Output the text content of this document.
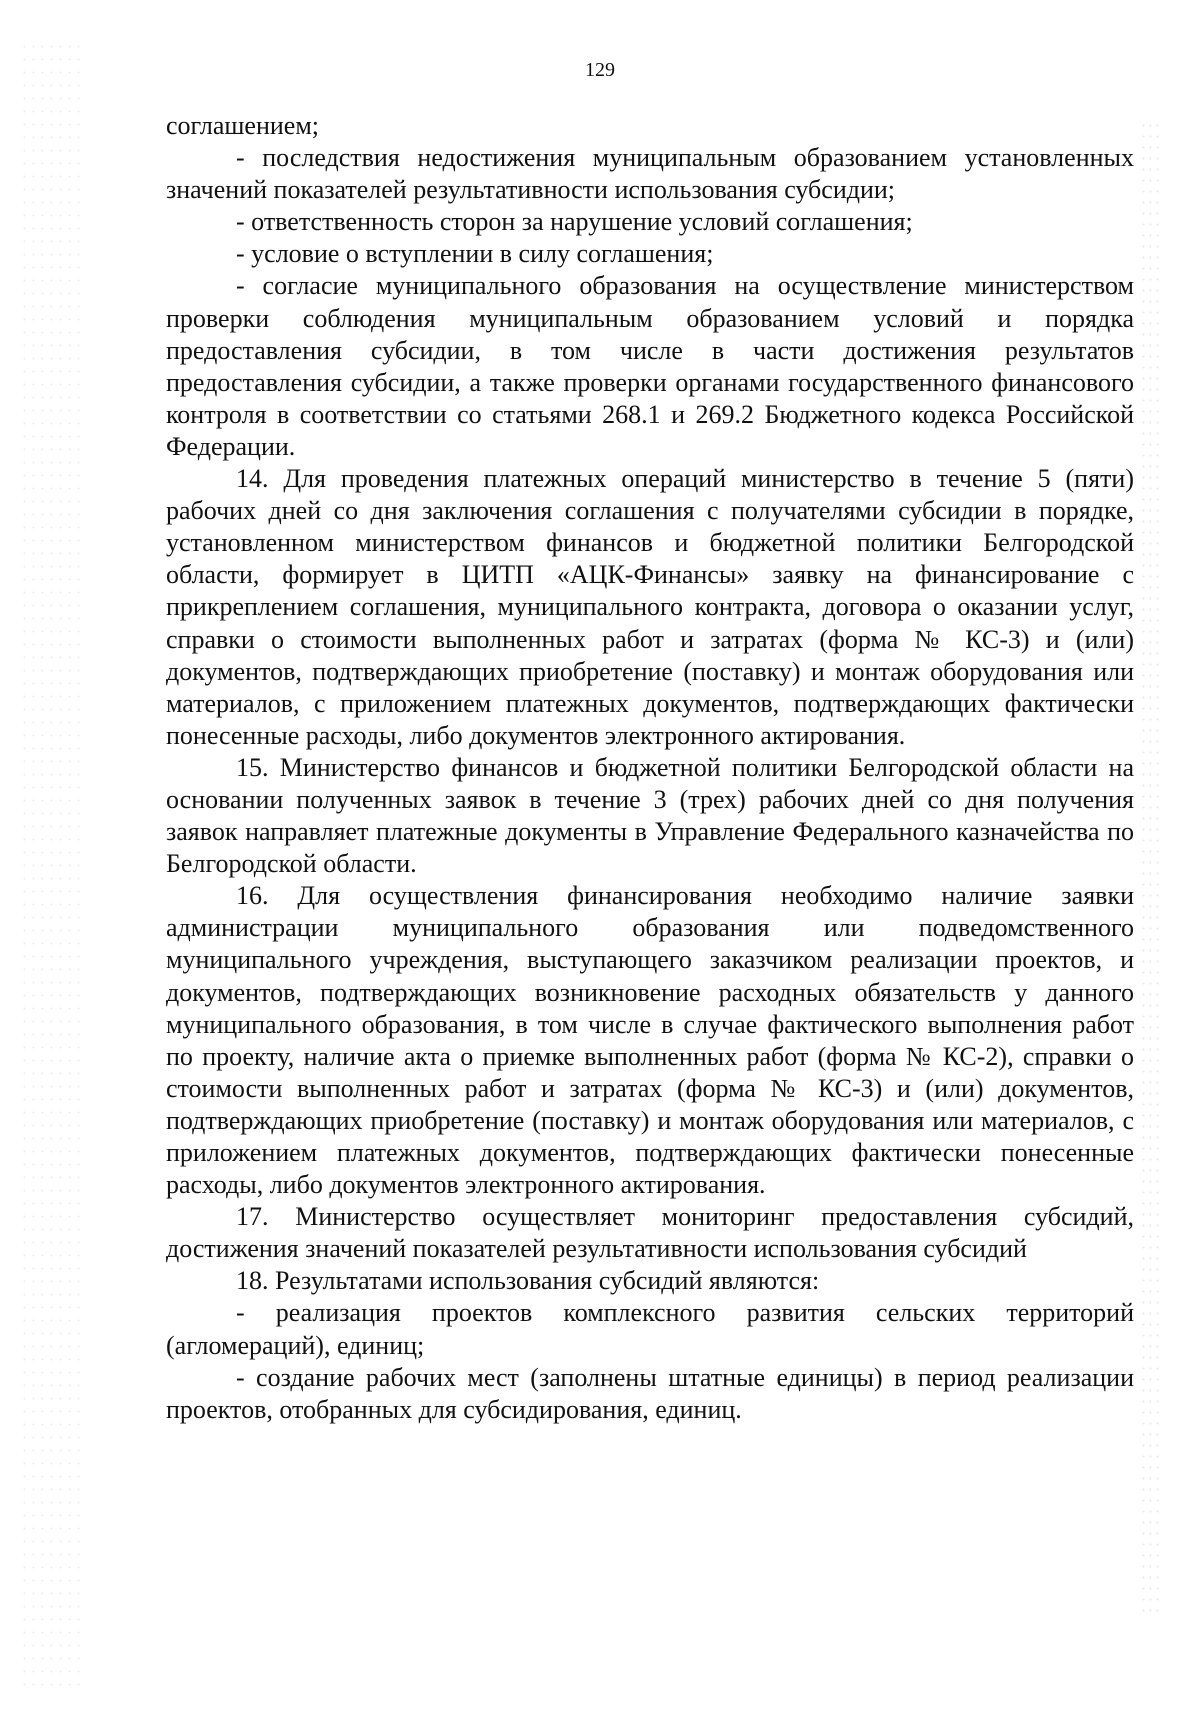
129

соглашением;

- последствия недостижения муниципальным образованием установленных значений показателей результативности использования субсидии;

- ответственность сторон за нарушение условий соглашения;

- условие о вступлении в силу соглашения;

- согласие муниципального образования на осуществление министерством проверки соблюдения муниципальным образованием условий и порядка предоставления субсидии, в том числе в части достижения результатов предоставления субсидии, а также проверки органами государственного финансового контроля в соответствии со статьями 268.1 и 269.2 Бюджетного кодекса Российской Федерации.

14. Для проведения платежных операций министерство в течение 5 (пяти) рабочих дней со дня заключения соглашения с получателями субсидии в порядке, установленном министерством финансов и бюджетной политики Белгородской области, формирует в ЦИТП «АЦК-Финансы» заявку на финансирование с прикреплением соглашения, муниципального контракта, договора о оказании услуг, справки о стоимости выполненных работ и затратах (форма № КС-3) и (или) документов, подтверждающих приобретение (поставку) и монтаж оборудования или материалов, с приложением платежных документов, подтверждающих фактически понесенные расходы, либо документов электронного актирования.

15. Министерство финансов и бюджетной политики Белгородской области на основании полученных заявок в течение 3 (трех) рабочих дней со дня получения заявок направляет платежные документы в Управление Федерального казначейства по Белгородской области.

16. Для осуществления финансирования необходимо наличие заявки администрации муниципального образования или подведомственного муниципального учреждения, выступающего заказчиком реализации проектов, и документов, подтверждающих возникновение расходных обязательств у данного муниципального образования, в том числе в случае фактического выполнения работ по проекту, наличие акта о приемке выполненных работ (форма № КС-2), справки о стоимости выполненных работ и затратах (форма № КС-3) и (или) документов, подтверждающих приобретение (поставку) и монтаж оборудования или материалов, с приложением платежных документов, подтверждающих фактически понесенные расходы, либо документов электронного актирования.

17. Министерство осуществляет мониторинг предоставления субсидий, достижения значений показателей результативности использования субсидий

18. Результатами использования субсидий являются:

- реализация проектов комплексного развития сельских территорий (агломераций), единиц;

- создание рабочих мест (заполнены штатные единицы) в период реализации проектов, отобранных для субсидирования, единиц.
